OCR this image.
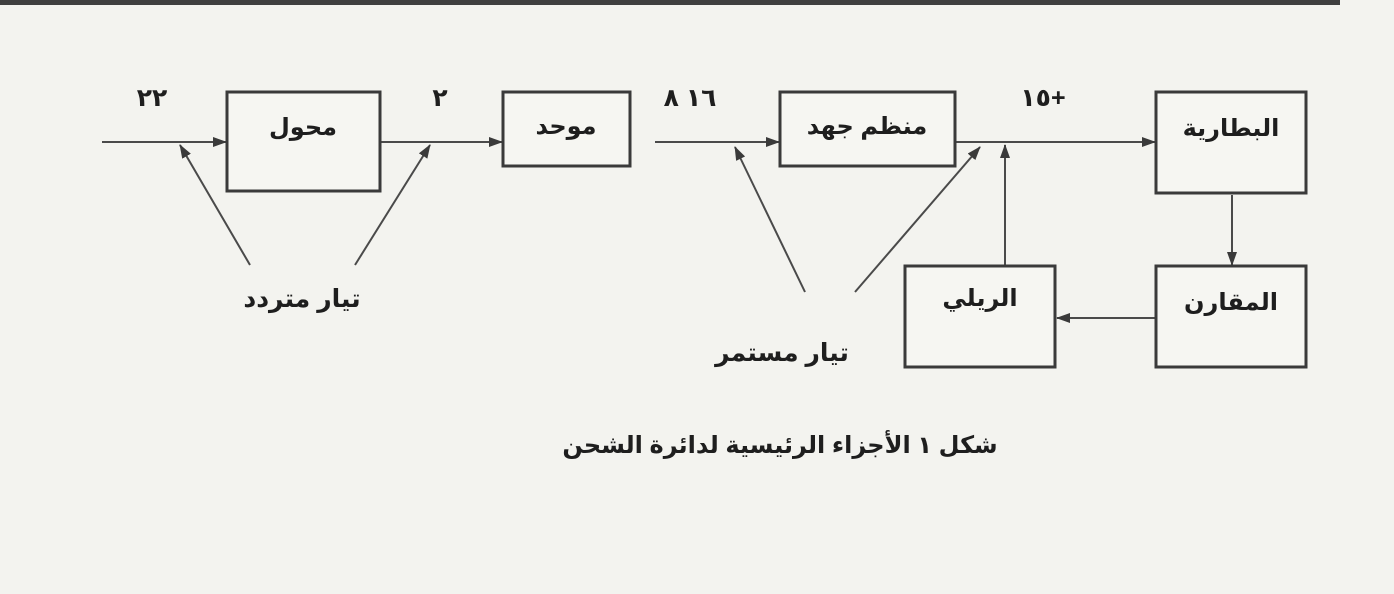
محول	موحد	منظم جهد	البطارية
المقارن
الريلي
٢٢	٢	١٦ ٨	+١٥
تيار متردد
تيار مستمر
شكل ١ الأجزاء الرئيسية لدائرة الشحن
